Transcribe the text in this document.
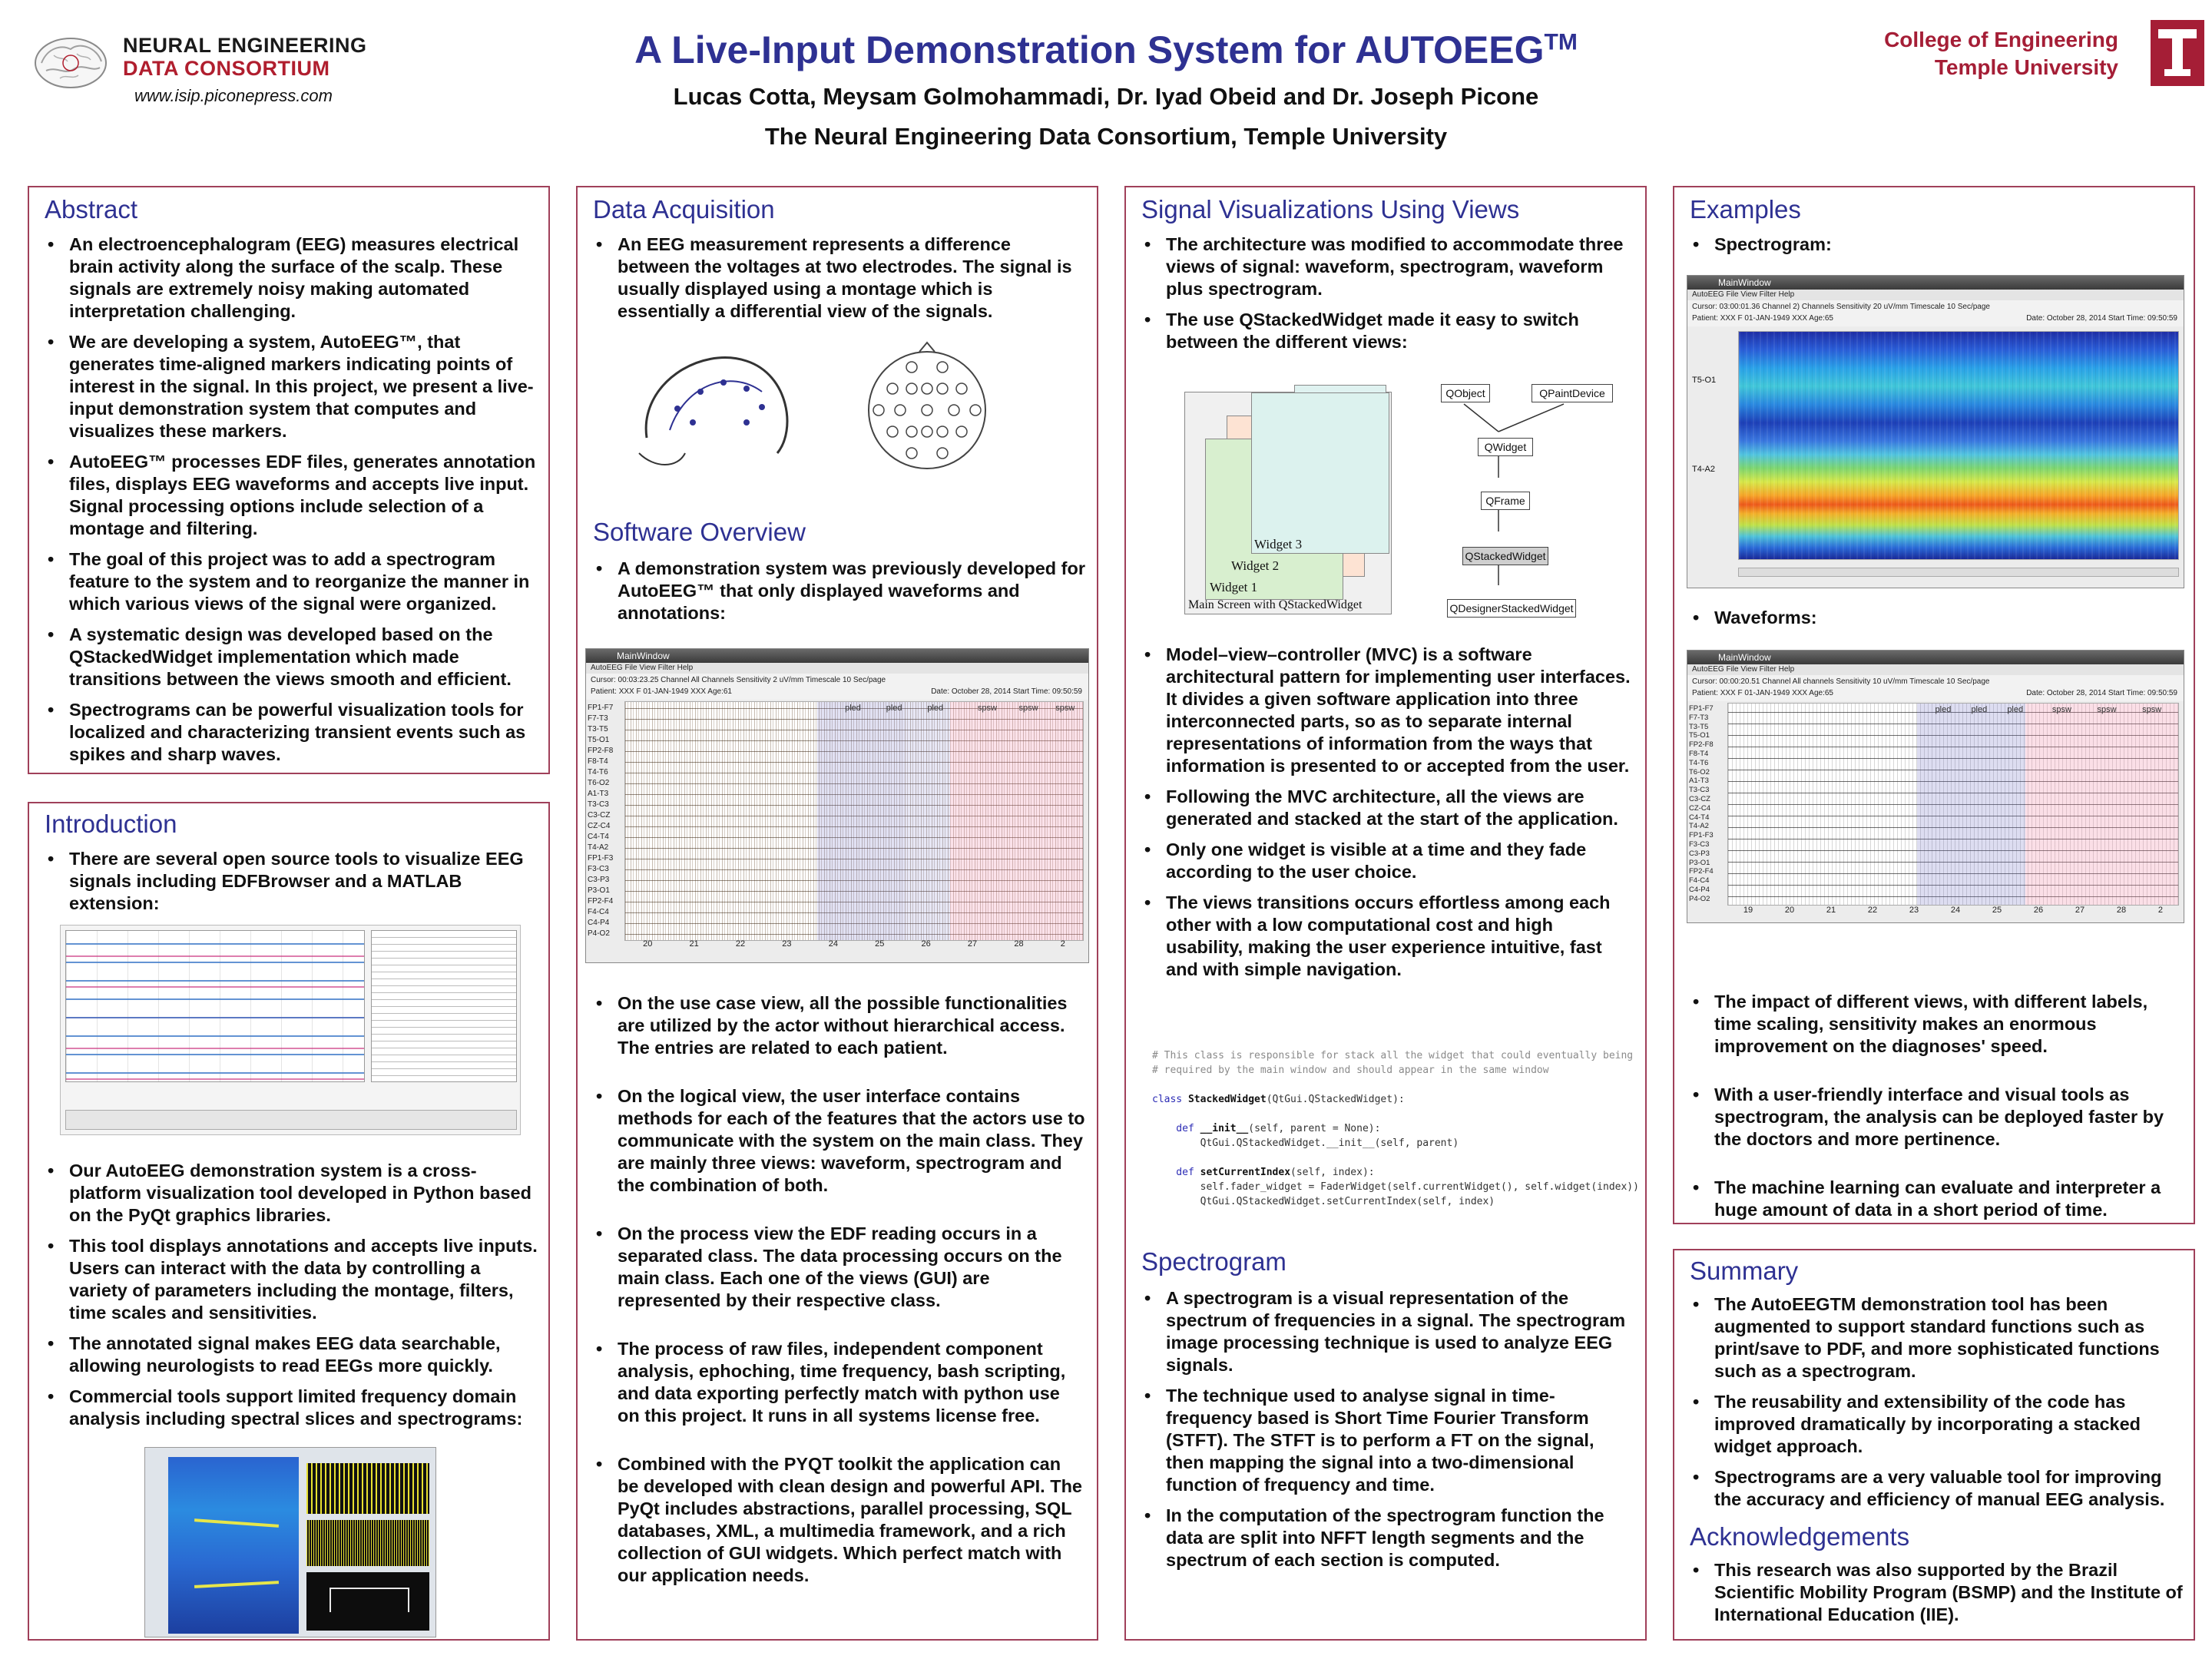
NEURAL ENGINEERING
DATA CONSORTIUM
www.isip.piconepress.com
A Live-Input Demonstration System for AUTOEEG™
Lucas Cotta, Meysam Golmohammadi, Dr. Iyad Obeid and Dr. Joseph Picone
The Neural Engineering Data Consortium, Temple University
College of Engineering
Temple University
Abstract
• An electroencephalogram (EEG) measures electrical brain activity along the surface of the scalp. These signals are extremely noisy making automated interpretation challenging.
• We are developing a system, AutoEEG™, that generates time-aligned markers indicating points of interest in the signal. In this project, we present a live-input demonstration system that computes and visualizes these markers.
• AutoEEG™ processes EDF files, generates annotation files, displays EEG waveforms and accepts live input. Signal processing options include selection of a montage and filtering.
• The goal of this project was to add a spectrogram feature to the system and to reorganize the manner in which various views of the signal were organized.
• A systematic design was developed based on the QStackedWidget implementation which made transitions between the views smooth and efficient.
• Spectrograms can be powerful visualization tools for localized and characterizing transient events such as spikes and sharp waves.
Introduction
• There are several open source tools to visualize EEG signals including EDFBrowser and a MATLAB extension:
• Our AutoEEG demonstration system is a cross-platform visualization tool developed in Python based on the PyQt graphics libraries.
• This tool displays annotations and accepts live inputs. Users can interact with the data by controlling a variety of parameters including the montage, filters, time scales and sensitivities.
• The annotated signal makes EEG data searchable, allowing neurologists to read EEGs more quickly.
• Commercial tools support limited frequency domain analysis including spectral slices and spectrograms:
Data Acquisition
• An EEG measurement represents a difference between the voltages at two electrodes. The signal is usually displayed using a montage which is essentially a differential view of the signals.
Software Overview
• A demonstration system was previously developed for AutoEEG™ that only displayed waveforms and annotations:
MainWindow
AutoEEG File View Filter Help
Cursor: 00:03:23.25 Channel All Channels Sensitivity 2 uV/mm Timescale 10 Sec/page
Patient: XXX F 01-JAN-1949 XXX Age:61	Date: October 28, 2014 Start Time: 09:50:59
pled	pled	pled	spsw	spsw spsw
FP1-F7
F7-T3
T3-T5
T5-O1
FP2-F8
F8-T4
T4-T6
T6-O2
A1-T3
T3-C3
C3-CZ
CZ-C4
C4-T4
T4-A2
FP1-F3
F3-C3
C3-P3
P3-O1
FP2-F4
F4-C4
C4-P4
P4-O2
20	21	22	23	24	25	26	27	28	2
• On the use case view, all the possible functionalities are utilized by the actor without hierarchical access. The entries are related to each patient.
• On the logical view, the user interface contains methods for each of the features that the actors use to communicate with the system on the main class. They are mainly three views: waveform, spectrogram and the combination of both.
• On the process view the EDF reading occurs in a separated class. The data processing occurs on the main class. Each one of the views (GUI) are represented by their respective class.
• The process of raw files, independent component analysis, ephoching, time frequency, bash scripting, and data exporting perfectly match with python use on this project. It runs in all systems license free.
• Combined with the PYQT toolkit the application can be developed with clean design and powerful API. The PyQt includes abstractions, parallel processing, SQL databases, XML, a multimedia framework, and a rich collection of GUI widgets. Which perfect match with our application needs.
Signal Visualizations Using Views
• The architecture was modified to accommodate three views of signal: waveform, spectrogram, waveform plus spectrogram.
• The use QStackedWidget made it easy to switch between the different views:
Widget 3
Widget 2
Widget 1
Main Screen with QStackedWidget
QObject	QPaintDevice
QWidget
QFrame
QStackedWidget
QDesignerStackedWidget
• Model–view–controller (MVC) is a software architectural pattern for implementing user interfaces. It divides a given software application into three interconnected parts, so as to separate internal representations of information from the ways that information is presented to or accepted from the user.
• Following the MVC architecture, all the views are generated and stacked at the start of the application.
• Only one widget is visible at a time and they fade according to the user choice.
• The views transitions occurs effortless among each other with a low computational cost and high usability, making the user experience intuitive, fast and with simple navigation.

# This class is responsible for stack all the widget that could eventually being
# required by the main window and should appear in the same window

class StackedWidget(QtGui.QStackedWidget):

def __init__(self, parent = None):
QtGui.QStackedWidget.__init__(self, parent)

def setCurrentIndex(self, index):
self.fader_widget = FaderWidget(self.currentWidget(), self.widget(index))
QtGui.QStackedWidget.setCurrentIndex(self, index)
Spectrogram
• A spectrogram is a visual representation of the spectrum of frequencies in a signal. The spectrogram image processing technique is used to analyze EEG signals.
• The technique used to analyse signal in time-frequency based is Short Time Fourier Transform (STFT). The STFT is to perform a FT on the signal, then mapping the signal into a two-dimensional function of frequency and time.
• In the computation of the spectrogram function the data are split into NFFT length segments and the spectrum of each section is computed.
Examples
• Spectrogram:
MainWindow
AutoEEG File View Filter Help
Cursor: 03:00:01.36 Channel 2) Channels Sensitivity 20 uV/mm Timescale 10 Sec/page
Patient: XXX F 01-JAN-1949 XXX Age:65	Date: October 28, 2014 Start Time: 09:50:59
T5-O1
T4-A2
• Waveforms:
MainWindow
AutoEEG File View Filter Help
Cursor: 00:00:20.51 Channel All channels Sensitivity 10 uV/mm Timescale 10 Sec/page
Patient: XXX F 01-JAN-1949 XXX Age:65	Date: October 28, 2014 Start Time: 09:50:59
pled pled pled	spsw	spsw	spsw
FP1-F7
F7-T3
T3-T5
T5-O1
FP2-F8
F8-T4
T4-T6
T6-O2
A1-T3
T3-C3
C3-CZ
CZ-C4
C4-T4
T4-A2
FP1-F3
F3-C3
C3-P3
P3-O1
FP2-F4
F4-C4
C4-P4
P4-O2
19	20	21	22	23	24	25	26	27	28	2
• The impact of different views, with different labels, time scaling, sensitivity makes an enormous improvement on the diagnoses' speed.
• With a user-friendly interface and visual tools as spectrogram, the analysis can be deployed faster by the doctors and more pertinence.
• The machine learning can evaluate and interpreter a huge amount of data in a short period of time.
Summary
• The AutoEEGTM demonstration tool has been augmented to support standard functions such as print/save to PDF, and more sophisticated functions such as a spectrogram.
• The reusability and extensibility of the code has improved dramatically by incorporating a stacked widget approach.
• Spectrograms are a very valuable tool for improving the accuracy and efficiency of manual EEG analysis.
Acknowledgements
• This research was also supported by the Brazil Scientific Mobility Program (BSMP) and the Institute of International Education (IIE).
